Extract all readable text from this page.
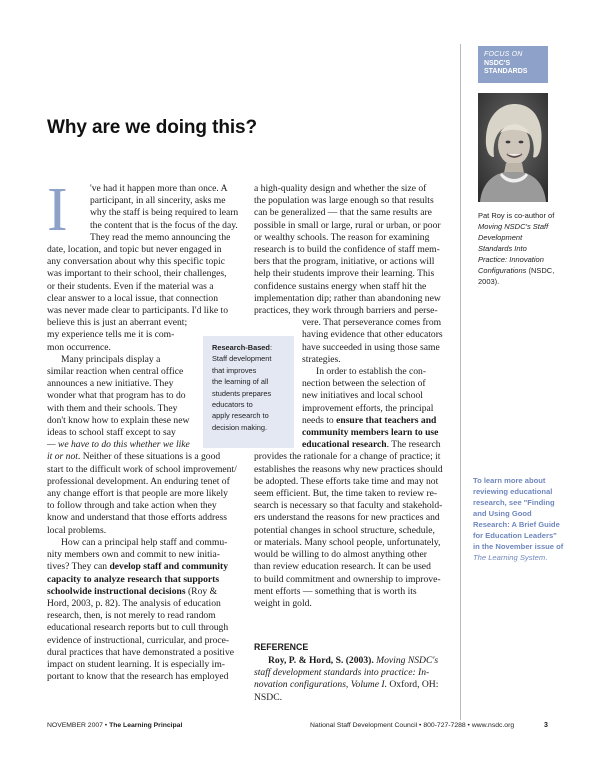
FOCUS ON
NSDC'S
STANDARDS
Pat Roy is co-author of Moving NSDC's Staff Development Standards Into Practice: Innovation Configurations (NSDC, 2003).
To learn more about reviewing educational research, see "Finding and Using Good Research: A Brief Guide for Education Leaders" in the November issue of The Learning System.
Why are we doing this?
I	've had it happen more than once. A
participant, in all sincerity, asks me
why the staff is being required to learn
the content that is the focus of the day.
They read the memo announcing the
date, location, and topic but never engaged in
any conversation about why this specific topic
was important to their school, their challenges,
or their students. Even if the material was a
clear answer to a local issue, that connection
was never made clear to participants. I'd like to
believe this is just an aberrant event;
my experience tells me it is com-
mon occurrence.
Many principals display a
similar reaction when central office
announces a new initiative. They
wonder what that program has to do
with them and their schools. They
don't know how to explain these new
ideas to school staff except to say
— we have to do this whether we like
it or not. Neither of these situations is a good
start to the difficult work of school improvement/
professional development. An enduring tenet of
any change effort is that people are more likely
to follow through and take action when they
know and understand that those efforts address
local problems.
How can a principal help staff and commu-
nity members own and commit to new initia-
tives? They can develop staff and community
capacity to analyze research that supports
schoolwide instructional decisions (Roy &
Hord, 2003, p. 82). The analysis of education
research, then, is not merely to read random
educational research reports but to cull through
evidence of instructional, curricular, and proce-
dural practices that have demonstrated a positive
impact on student learning. It is especially im-
portant to know that the research has employed
a high-quality design and whether the size of
the population was large enough so that results
can be generalized — that the same results are
possible in small or large, rural or urban, or poor
or wealthy schools. The reason for examining
research is to build the confidence of staff mem-
bers that the program, initiative, or actions will
help their students improve their learning. This
confidence sustains energy when staff hit the
implementation dip; rather than abandoning new
practices, they work through barriers and perse-
vere. That perseverance comes from
having evidence that other educators
have succeeded in using those same
strategies.
In order to establish the con-
nection between the selection of
new initiatives and local school
improvement efforts, the principal
needs to ensure that teachers and
community members learn to use
educational research. The research
provides the rationale for a change of practice; it
establishes the reasons why new practices should
be adopted. These efforts take time and may not
seem efficient. But, the time taken to review re-
search is necessary so that faculty and stakehold-
ers understand the reasons for new practices and
potential changes in school structure, schedule,
or materials. Many school people, unfortunately,
would be willing to do almost anything other
than review education research. It can be used
to build commitment and ownership to improve-
ment efforts — something that is worth its
weight in gold.
Research-Based:
Staff development
that improves
the learning of all
students prepares
educators to
apply research to
decision making.
REFERENCE
Roy, P. & Hord, S. (2003). Moving NSDC's
staff development standards into practice: In-
novation configurations, Volume I. Oxford, OH:
NSDC.
NOVEMBER 2007 • The Learning Principal	National Staff Development Council • 800-727-7288 • www.nsdc.org	3
